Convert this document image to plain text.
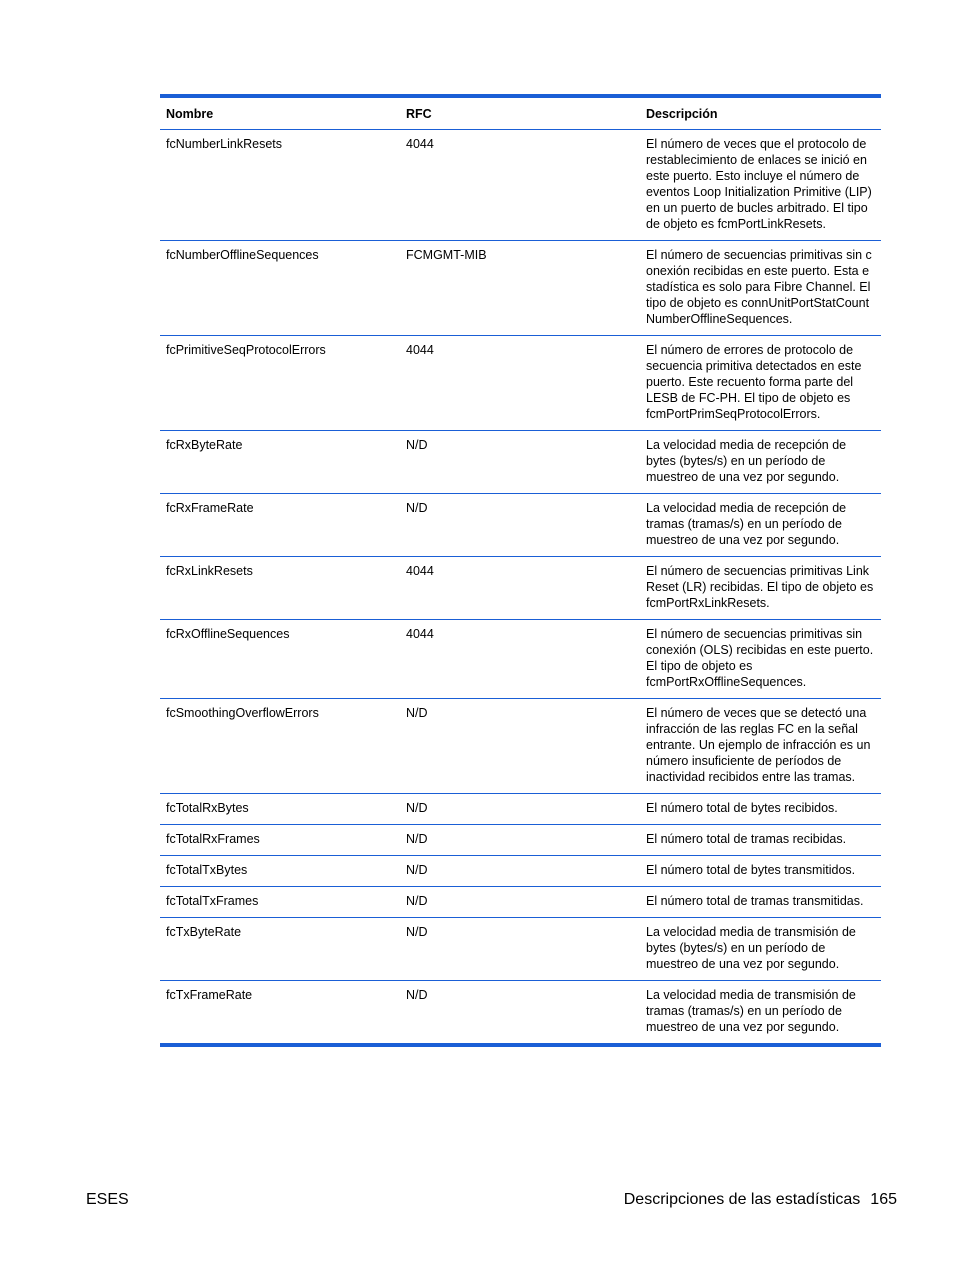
Nombre	RFC	Descripción
fcNumberLinkResets	4044	El número de veces que el protocolo de restablecimiento de enlaces se inició en este puerto. Esto incluye el número de eventos Loop Initialization Primitive (LIP) en un puerto de bucles arbitrado. El tipo de objeto es fcmPortLinkResets.
fcNumberOfflineSequences	FCMGMT-MIB	El número de secuencias primitivas sin conexión recibidas en este puerto. Esta estadística es solo para Fibre Channel. El tipo de objeto es connUnitPortStatCountNumberOfflineSequences.
fcPrimitiveSeqProtocolErrors	4044	El número de errores de protocolo de secuencia primitiva detectados en este puerto. Este recuento forma parte del LESB de FC-PH. El tipo de objeto es fcmPortPrimSeqProtocolErrors.
fcRxByteRate	N/D	La velocidad media de recepción de bytes (bytes/s) en un período de muestreo de una vez por segundo.
fcRxFrameRate	N/D	La velocidad media de recepción de tramas (tramas/s) en un período de muestreo de una vez por segundo.
fcRxLinkResets	4044	El número de secuencias primitivas Link Reset (LR) recibidas. El tipo de objeto es fcmPortRxLinkResets.
fcRxOfflineSequences	4044	El número de secuencias primitivas sin conexión (OLS) recibidas en este puerto. El tipo de objeto es fcmPortRxOfflineSequences.
fcSmoothingOverflowErrors	N/D	El número de veces que se detectó una infracción de las reglas FC en la señal entrante. Un ejemplo de infracción es un número insuficiente de períodos de inactividad recibidos entre las tramas.
fcTotalRxBytes	N/D	El número total de bytes recibidos.
fcTotalRxFrames	N/D	El número total de tramas recibidas.
fcTotalTxBytes	N/D	El número total de bytes transmitidos.
fcTotalTxFrames	N/D	El número total de tramas transmitidas.
fcTxByteRate	N/D	La velocidad media de transmisión de bytes (bytes/s) en un período de muestreo de una vez por segundo.
fcTxFrameRate	N/D	La velocidad media de transmisión de tramas (tramas/s) en un período de muestreo de una vez por segundo.
ESES	Descripciones de las estadísticas 165
